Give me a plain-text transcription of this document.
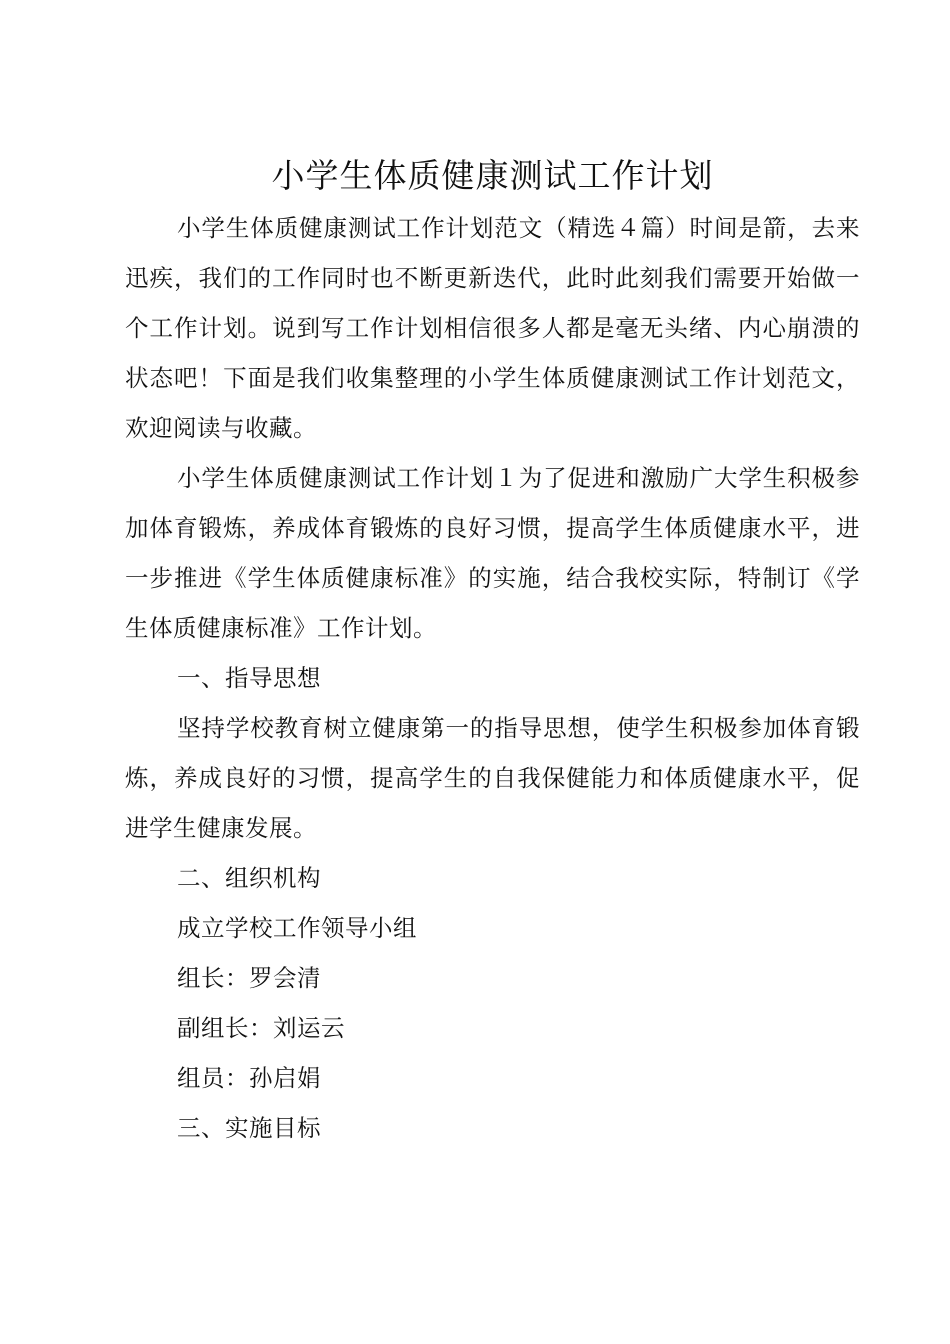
小学生体质健康测试工作计划

小学生体质健康测试工作计划范文（精选４篇）时间是箭，去来迅疾，我们的工作同时也不断更新迭代，此时此刻我们需要开始做一个工作计划。说到写工作计划相信很多人都是毫无头绪、内心崩溃的状态吧！下面是我们收集整理的小学生体质健康测试工作计划范文，欢迎阅读与收藏。

小学生体质健康测试工作计划１为了促进和激励广大学生积极参加体育锻炼，养成体育锻炼的良好习惯，提高学生体质健康水平，进一步推进《学生体质健康标准》的实施，结合我校实际，特制订《学生体质健康标准》工作计划。

一、指导思想

坚持学校教育树立健康第一的指导思想，使学生积极参加体育锻炼，养成良好的习惯，提高学生的自我保健能力和体质健康水平，促进学生健康发展。

二、组织机构
成立学校工作领导小组
组长：罗会清
副组长：刘运云
组员：孙启娟
三、实施目标
